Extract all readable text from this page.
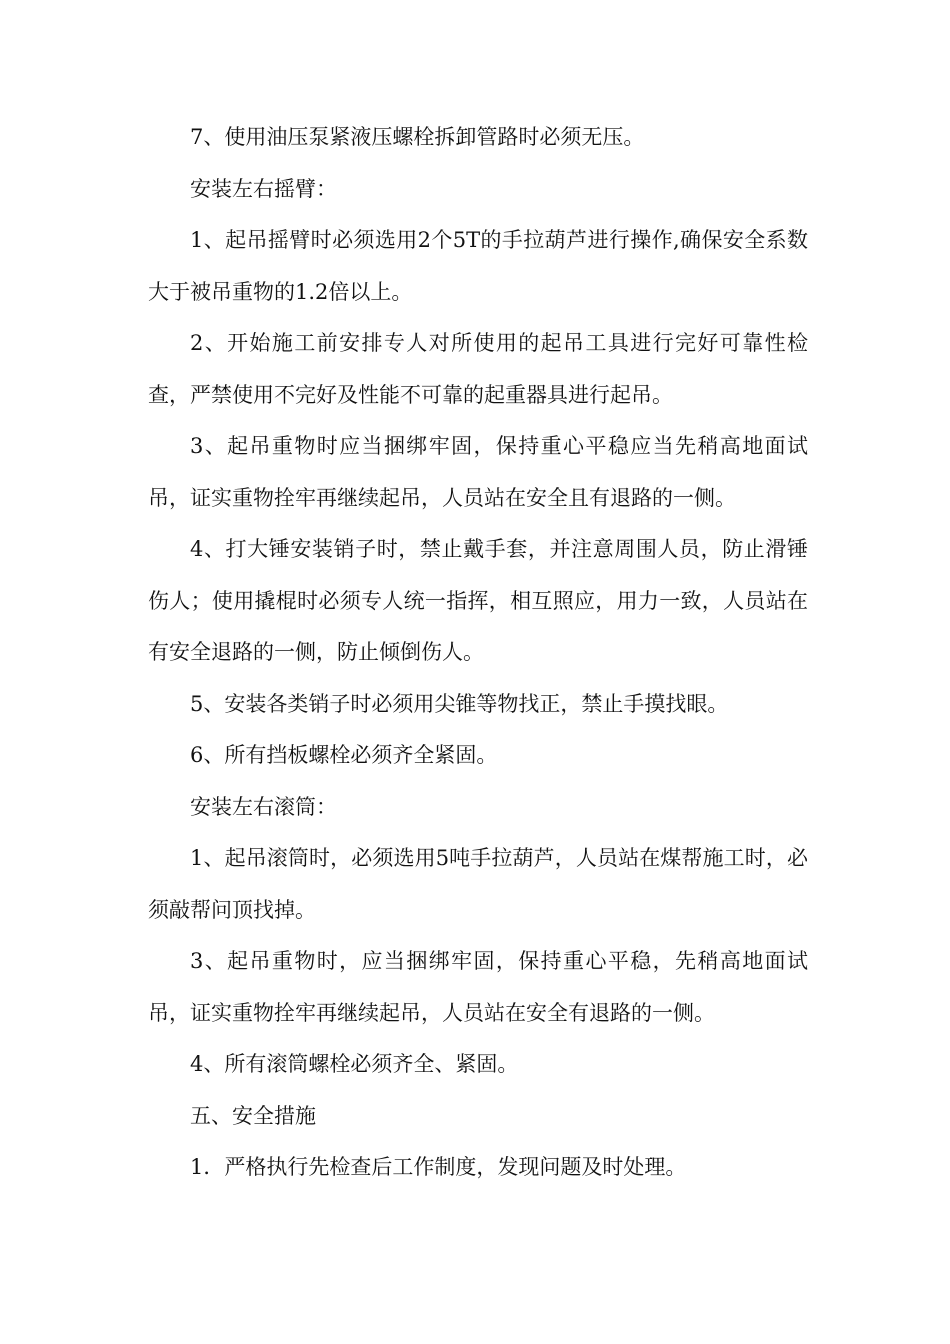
7、使用油压泵紧液压螺栓拆卸管路时必须无压。

安装左右摇臂：

1、起吊摇臂时必须选用2个5T的手拉葫芦进行操作,确保安全系数大于被吊重物的1.2倍以上。

2、开始施工前安排专人对所使用的起吊工具进行完好可靠性检查，严禁使用不完好及性能不可靠的起重器具进行起吊。

3、起吊重物时应当捆绑牢固，保持重心平稳应当先稍高地面试吊，证实重物拴牢再继续起吊，人员站在安全且有退路的一侧。

4、打大锤安装销子时，禁止戴手套，并注意周围人员，防止滑锤伤人；使用撬棍时必须专人统一指挥，相互照应，用力一致，人员站在有安全退路的一侧，防止倾倒伤人。

5、安装各类销子时必须用尖锥等物找正，禁止手摸找眼。

6、所有挡板螺栓必须齐全紧固。

安装左右滚筒：

1、起吊滚筒时，必须选用5吨手拉葫芦，人员站在煤帮施工时，必须敲帮问顶找掉。

3、起吊重物时，应当捆绑牢固，保持重心平稳，先稍高地面试吊，证实重物拴牢再继续起吊，人员站在安全有退路的一侧。

4、所有滚筒螺栓必须齐全、紧固。

五、安全措施

1．严格执行先检查后工作制度，发现问题及时处理。
